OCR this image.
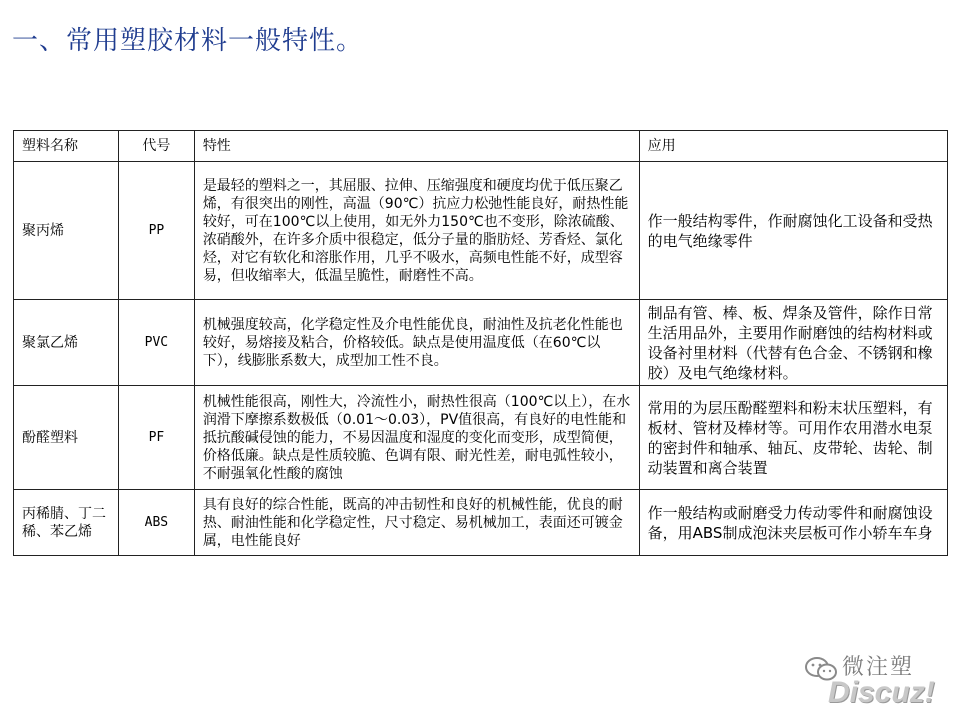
一、常用塑胶材料一般特性。
塑料名称	代号	特性	应用
聚丙烯	PP	是最轻的塑料之一，其屈服、拉伸、压缩强度和硬度均优于低压聚乙烯，有很突出的刚性，高温（90℃）抗应力松弛性能良好，耐热性能较好，可在100℃以上使用，如无外力150℃也不变形，除浓硫酸、浓硝酸外，在许多介质中很稳定，低分子量的脂肪烃、芳香烃、氯化烃，对它有软化和溶胀作用，几乎不吸水，高频电性能不好，成型容易，但收缩率大，低温呈脆性，耐磨性不高。	作一般结构零件，作耐腐蚀化工设备和受热的电气绝缘零件
聚氯乙烯	PVC	机械强度较高，化学稳定性及介电性能优良，耐油性及抗老化性能也较好，易熔接及粘合，价格较低。缺点是使用温度低（在60℃以下），线膨胀系数大，成型加工性不良。	制品有管、棒、板、焊条及管件，除作日常生活用品外，主要用作耐磨蚀的结构材料或设备衬里材料（代替有色合金、不锈钢和橡胶）及电气绝缘材料。
酚醛塑料	PF	机械性能很高，刚性大，冷流性小，耐热性很高（100℃以上），在水润滑下摩擦系数极低（0.01～0.03），PV值很高，有良好的电性能和抵抗酸碱侵蚀的能力，不易因温度和湿度的变化而变形，成型简便，价格低廉。缺点是性质较脆、色调有限、耐光性差，耐电弧性较小，不耐强氧化性酸的腐蚀	常用的为层压酚醛塑料和粉末状压塑料，有板材、管材及棒材等。可用作农用潜水电泵的密封件和轴承、轴瓦、皮带轮、齿轮、制动装置和离合装置
丙稀腈、丁二稀、苯乙烯	ABS	具有良好的综合性能，既高的冲击韧性和良好的机械性能，优良的耐热、耐油性能和化学稳定性，尺寸稳定、易机械加工，表面还可镀金属，电性能良好	作一般结构或耐磨受力传动零件和耐腐蚀设备，用ABS制成泡沫夹层板可作小轿车车身
微注塑
Discuz!
